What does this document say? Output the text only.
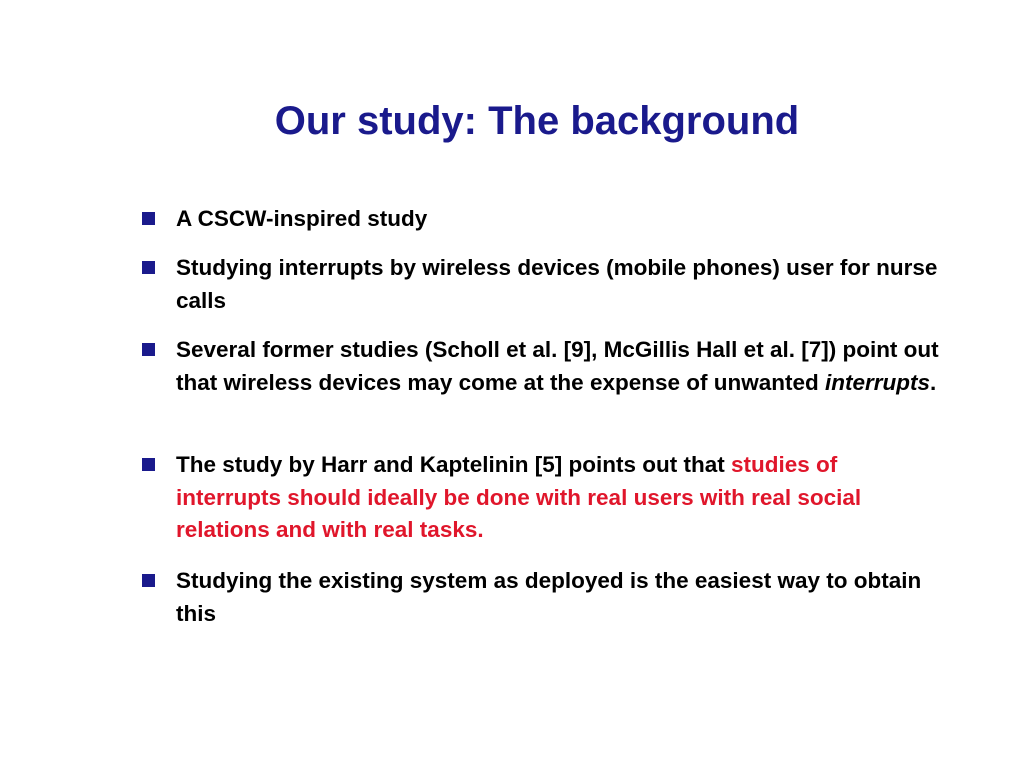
Our study: The background
A CSCW-inspired study
Studying interrupts by wireless devices (mobile phones) user for nurse calls
Several former studies (Scholl et al. [9], McGillis Hall et al. [7]) point out that wireless devices may come at the expense of unwanted interrupts.
The study by Harr and Kaptelinin [5] points out that studies of interrupts should ideally be done with real users with real social relations and with real tasks.
Studying the existing system as deployed is the easiest way to obtain this
